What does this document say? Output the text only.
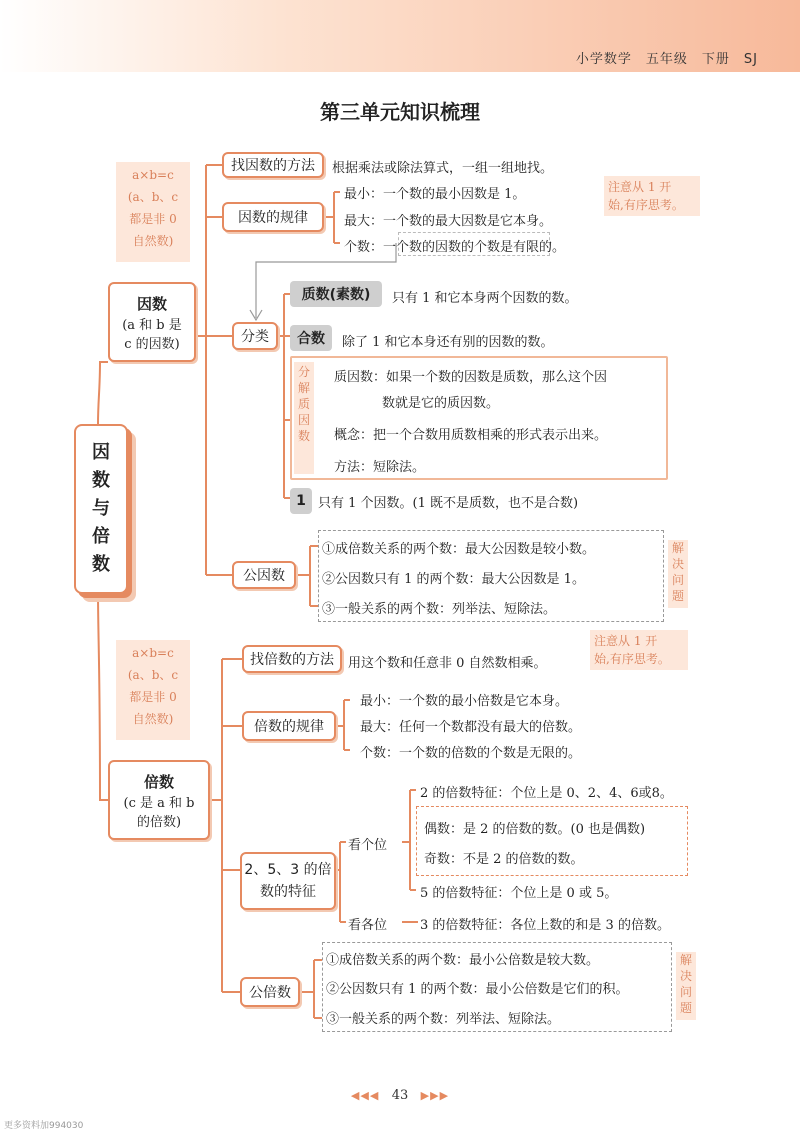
小学数学　五年级　下册　SJ
第三单元知识梳理
因
数
与
倍
数
a×b=c
(a、b、c
都是非 0
自然数)
因数
(a 和 b 是
c 的因数)
找因数的方法	根据乘法或除法算式，一组一组地找。
因数的规律
最小：一个数的最小因数是 1。
最大：一个数的最大因数是它本身。
个数：一个数的因数的个数是有限的。
注意从 1 开
始,有序思考。
分类
质数(素数)	只有 1 和它本身两个因数的数。
合数	除了 1 和它本身还有别的因数的数。
分
解
质
因
数
质因数：如果一个数的因数是质数，那么这个因
数就是它的质因数。
概念：把一个合数用质数相乘的形式表示出来。
方法：短除法。
1 只有 1 个因数。(1 既不是质数，也不是合数)
公因数
①成倍数关系的两个数：最大公因数是较小数。
②公因数只有 1 的两个数：最大公因数是 1。
③一般关系的两个数：列举法、短除法。
解
决
问
题
a×b=c
(a、b、c
都是非 0
自然数)
倍数
(c 是 a 和 b
的倍数)
找倍数的方法	用这个数和任意非 0 自然数相乘。
注意从 1 开
始,有序思考。
倍数的规律
最小：一个数的最小倍数是它本身。
最大：任何一个数都没有最大的倍数。
个数：一个数的倍数的个数是无限的。
2、5、3 的倍
数的特征
看个位
2 的倍数特征：个位上是 0、2、4、6或8。
偶数：是 2 的倍数的数。(0 也是偶数)
奇数：不是 2 的倍数的数。
5 的倍数特征：个位上是 0 或 5。
看各位	3 的倍数特征：各位上数的和是 3 的倍数。
公倍数
①成倍数关系的两个数：最小公倍数是较大数。
②公因数只有 1 的两个数：最小公倍数是它们的积。
③一般关系的两个数：列举法、短除法。
解
决
问
题
◀◀◀ 43 ▶▶▶
更多资料加994030
